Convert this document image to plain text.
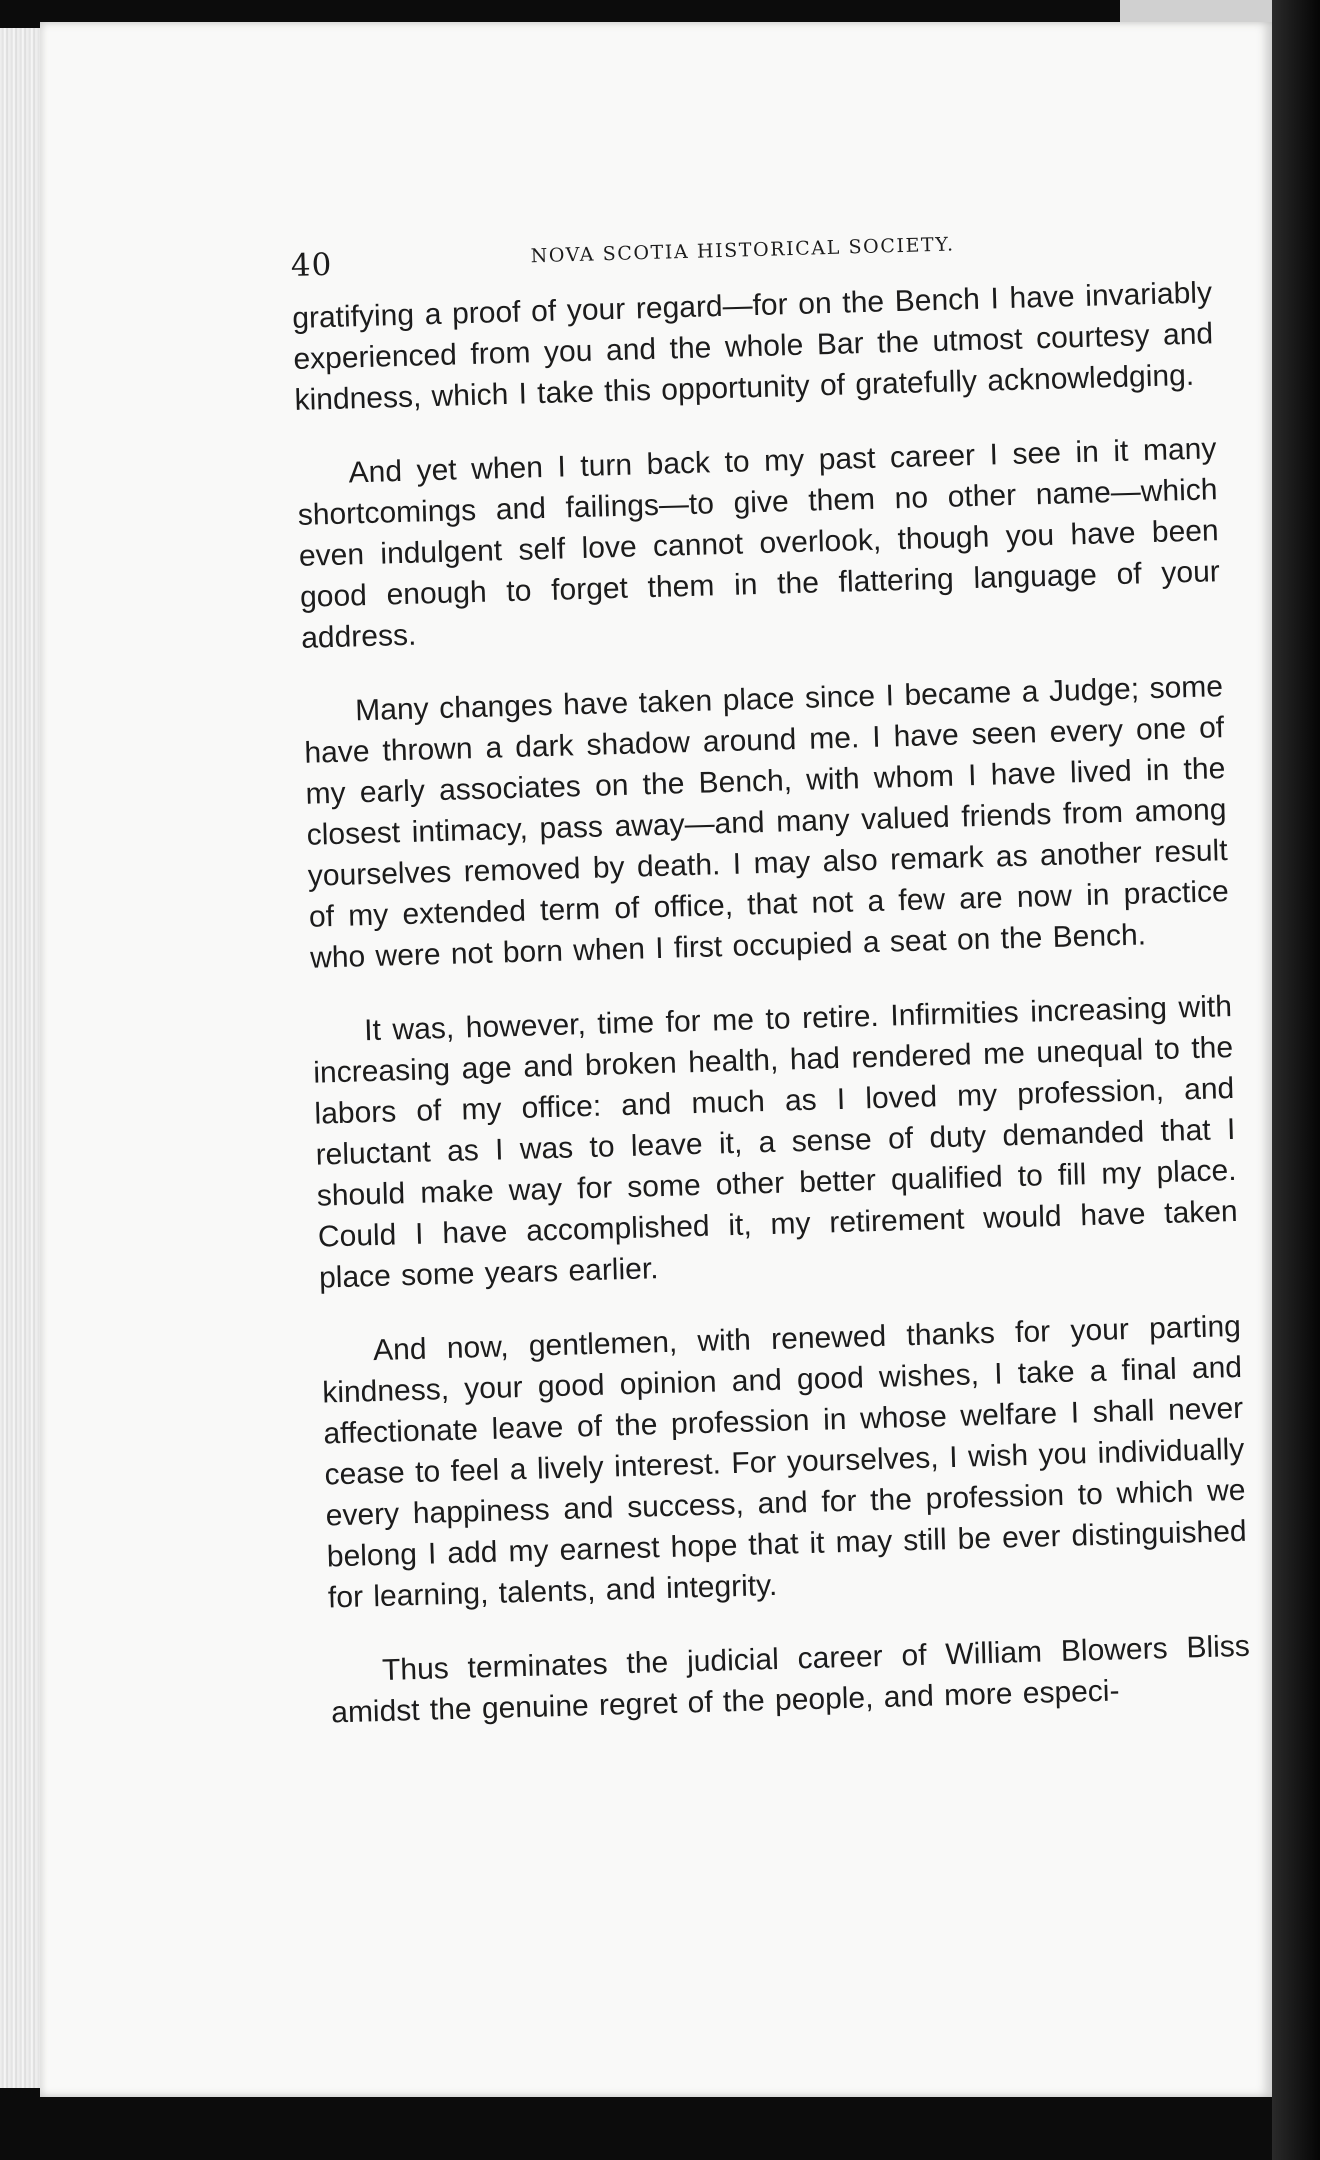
40	NOVA SCOTIA HISTORICAL SOCIETY.

gratifying a proof of your regard—for on the Bench I have invariably experienced from you and the whole Bar the utmost courtesy and kindness, which I take this opportunity of gratefully acknowledging.

And yet when I turn back to my past career I see in it many shortcomings and failings—to give them no other name—which even indulgent self love cannot overlook, though you have been good enough to forget them in the flattering language of your address.

Many changes have taken place since I became a Judge; some have thrown a dark shadow around me. I have seen every one of my early associates on the Bench, with whom I have lived in the closest intimacy, pass away—and many valued friends from among yourselves removed by death. I may also remark as another result of my extended term of office, that not a few are now in practice who were not born when I first occupied a seat on the Bench.

It was, however, time for me to retire. Infirmities increasing with increasing age and broken health, had rendered me unequal to the labors of my office: and much as I loved my profession, and reluctant as I was to leave it, a sense of duty demanded that I should make way for some other better qualified to fill my place. Could I have accomplished it, my retirement would have taken place some years earlier.

And now, gentlemen, with renewed thanks for your parting kindness, your good opinion and good wishes, I take a final and affectionate leave of the profession in whose welfare I shall never cease to feel a lively interest. For yourselves, I wish you individually every happiness and success, and for the profession to which we belong I add my earnest hope that it may still be ever distinguished for learning, talents, and integrity.

Thus terminates the judicial career of William Blowers Bliss amidst the genuine regret of the people, and more especi-
